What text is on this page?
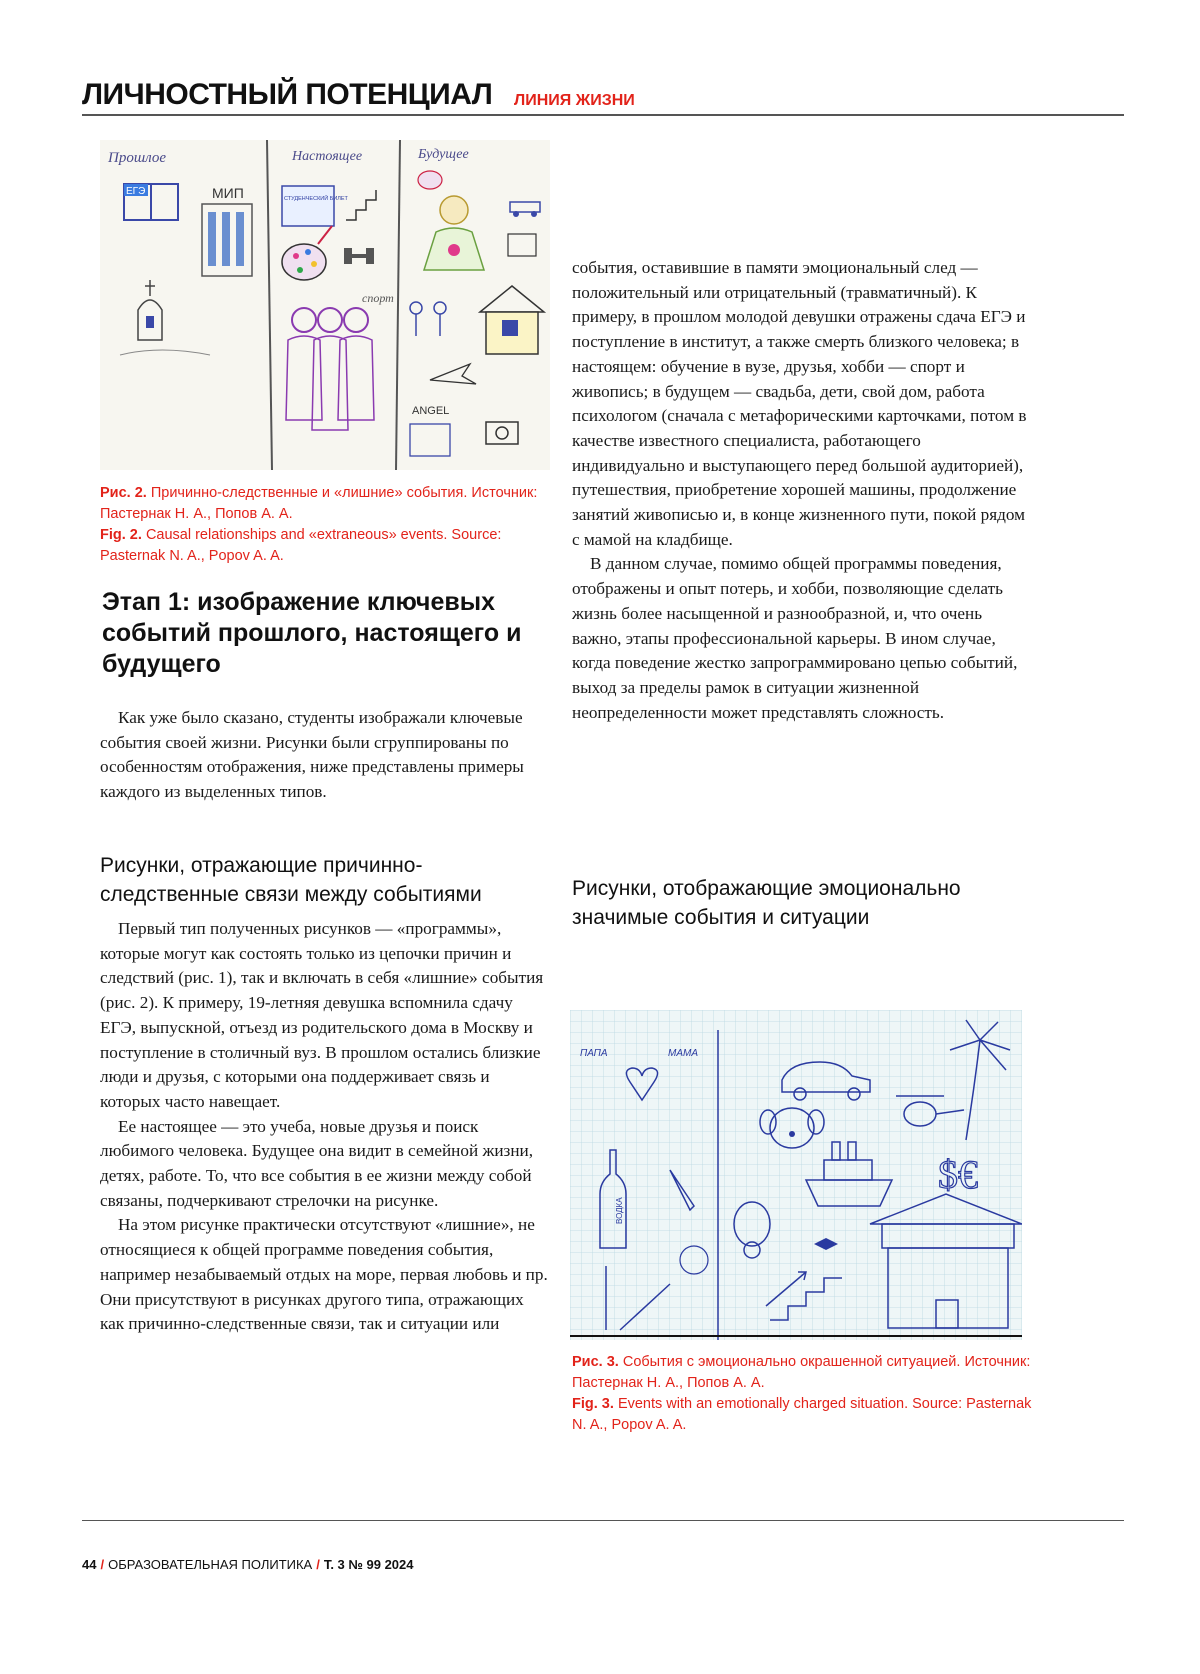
ЛИЧНОСТНЫЙ ПОТЕНЦИАЛ ЛИНИЯ ЖИЗНИ
Прошлое	Настоящее	Будущее
ЕГЭ	МИП	СТУДЕНЧЕСКИЙ БИЛЕТ
спорт
ANGEL
Рис. 2. Причинно-следственные и «лишние» события. Источник: Пастернак Н. А., Попов А. А.
Fig. 2. Causal relationships and «extraneous» events. Source: Pasternak N. A., Popov A. A.
Этап 1: изображение ключевых событий прошлого, настоящего и будущего

Как уже было сказано, студенты изображали ключевые события своей жизни. Рисунки были сгруппированы по особенностям отображения, ниже представлены примеры каждого из выделенных типов.

Рисунки, отражающие причинно-следственные связи между событиями

Первый тип полученных рисунков — «программы», которые могут как состоять только из цепочки причин и следствий (рис. 1), так и включать в себя «лишние» события (рис. 2). К примеру, 19-летняя девушка вспомнила сдачу ЕГЭ, выпускной, отъезд из родительского дома в Москву и поступление в столичный вуз. В прошлом остались близкие люди и друзья, с которыми она поддерживает связь и которых часто навещает.

Ее настоящее — это учеба, новые друзья и поиск любимого человека. Будущее она видит в семейной жизни, детях, работе. То, что все события в ее жизни между собой связаны, подчеркивают стрелочки на рисунке.

На этом рисунке практически отсутствуют «лишние», не относящиеся к общей программе поведения события, например незабываемый отдых на море, первая любовь и пр. Они присутствуют в рисунках другого типа, отражающих как причинно-следственные связи, так и ситуации или

события, оставившие в памяти эмоциональный след — положительный или отрицательный (травматичный). К примеру, в прошлом молодой девушки отражены сдача ЕГЭ и поступление в институт, а также смерть близкого человека; в настоящем: обучение в вузе, друзья, хобби — спорт и живопись; в будущем — свадьба, дети, свой дом, работа психологом (сначала с метафорическими карточками, потом в качестве известного специалиста, работающего индивидуально и выступающего перед большой аудиторией), путешествия, приобретение хорошей машины, продолжение занятий живописью и, в конце жизненного пути, покой рядом с мамой на кладбище.

В данном случае, помимо общей программы поведения, отображены и опыт потерь, и хобби, позволяющие сделать жизнь более насыщенной и разнообразной, и, что очень важно, этапы профессиональной карьеры. В ином случае, когда поведение жестко запрограммировано цепью событий, выход за пределы рамок в ситуации жизненной неопределенности может представлять сложность.

Рисунки, отображающие эмоционально значимые события и ситуации
ПАПА	МАМА
ВОДКА
$€
Рис. 3. События с эмоционально окрашенной ситуацией. Источник: Пастернак Н. А., Попов А. А.
Fig. 3. Events with an emotionally charged situation. Source: Pasternak N. A., Popov A. A.
44 / ОБРАЗОВАТЕЛЬНАЯ ПОЛИТИКА / Т. 3 № 99 2024
